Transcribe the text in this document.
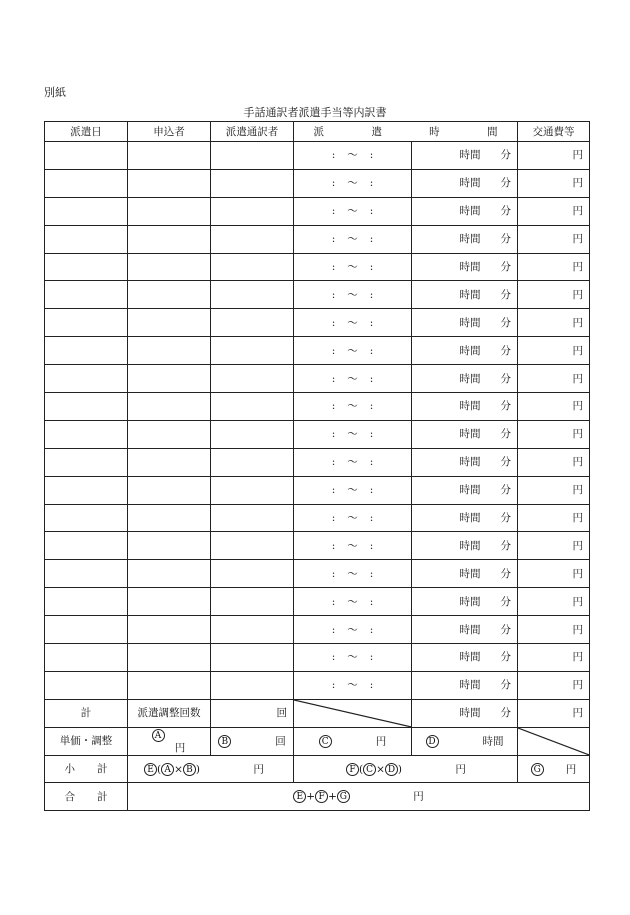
別紙
手話通訳者派遣手当等内訳書
派遣日	申込者	派遣通訳者	派 遣 時 間		交通費等
			: 〜 :	時間 分	円
			: 〜 :	時間 分	円
			: 〜 :	時間 分	円
			: 〜 :	時間 分	円
			: 〜 :	時間 分	円
			: 〜 :	時間 分	円
			: 〜 :	時間 分	円
			: 〜 :	時間 分	円
			: 〜 :	時間 分	円
			: 〜 :	時間 分	円
			: 〜 :	時間 分	円
			: 〜 :	時間 分	円
			: 〜 :	時間 分	円
			: 〜 :	時間 分	円
			: 〜 :	時間 分	円
			: 〜 :	時間 分	円
			: 〜 :	時間 分	円
			: 〜 :	時間 分	円
			: 〜 :	時間 分	円
			: 〜 :	時間 分	円
計	派遣調整回数	回		時間 分	円
単価・調整	A円	B 回	C 円	D 時間	

小 計	E ( A × B ) 円		F ( C × D ) 円		G 円
合 計	E + F + G 円				
